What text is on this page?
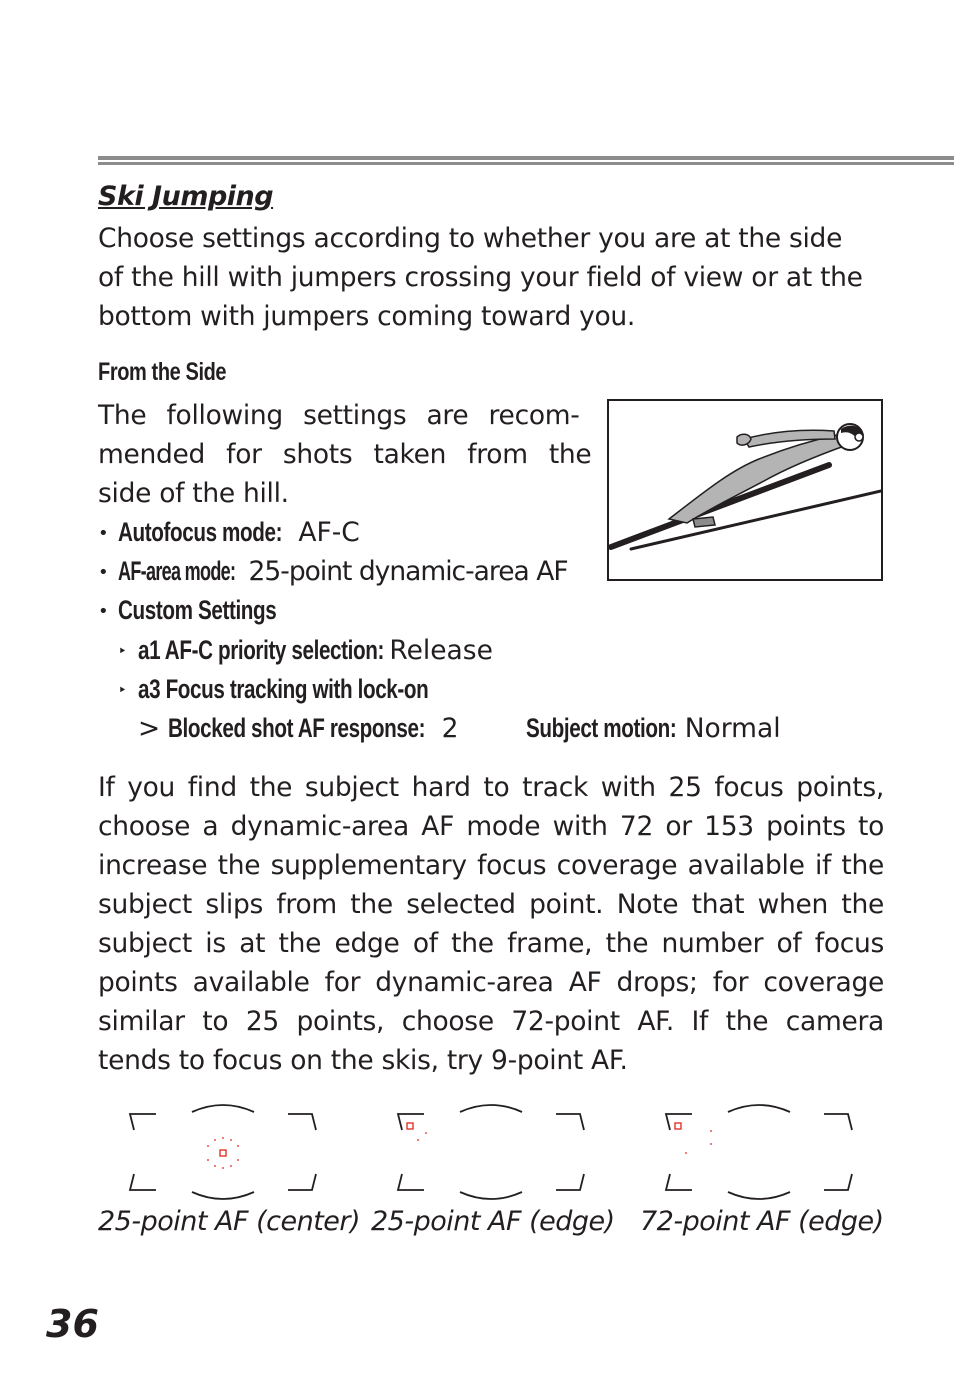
Ski Jumping
Choose settings according to whether you are at the side
of the hill with jumpers crossing your field of view or at the
bottom with jumpers coming toward you.
From the Side
The following settings are recom-
mended for shots taken from the
side of the hill.
• Autofocus mode: AF-C
• AF-area mode: 25-point dynamic-area AF
• Custom Settings
‣ a1 AF-C priority selection: Release
‣ a3 Focus tracking with lock-on
> Blocked shot AF response: 2	Subject motion: Normal
If you find the subject hard to track with 25 focus points,
choose a dynamic-area AF mode with 72 or 153 points to
increase the supplementary focus coverage available if the
subject slips from the selected point. Note that when the
subject is at the edge of the frame, the number of focus
points available for dynamic-area AF drops; for coverage
similar to 25 points, choose 72-point AF. If the camera
tends to focus on the skis, try 9-point AF.
25-point AF (center) 25-point AF (edge) 72-point AF (edge)
36
